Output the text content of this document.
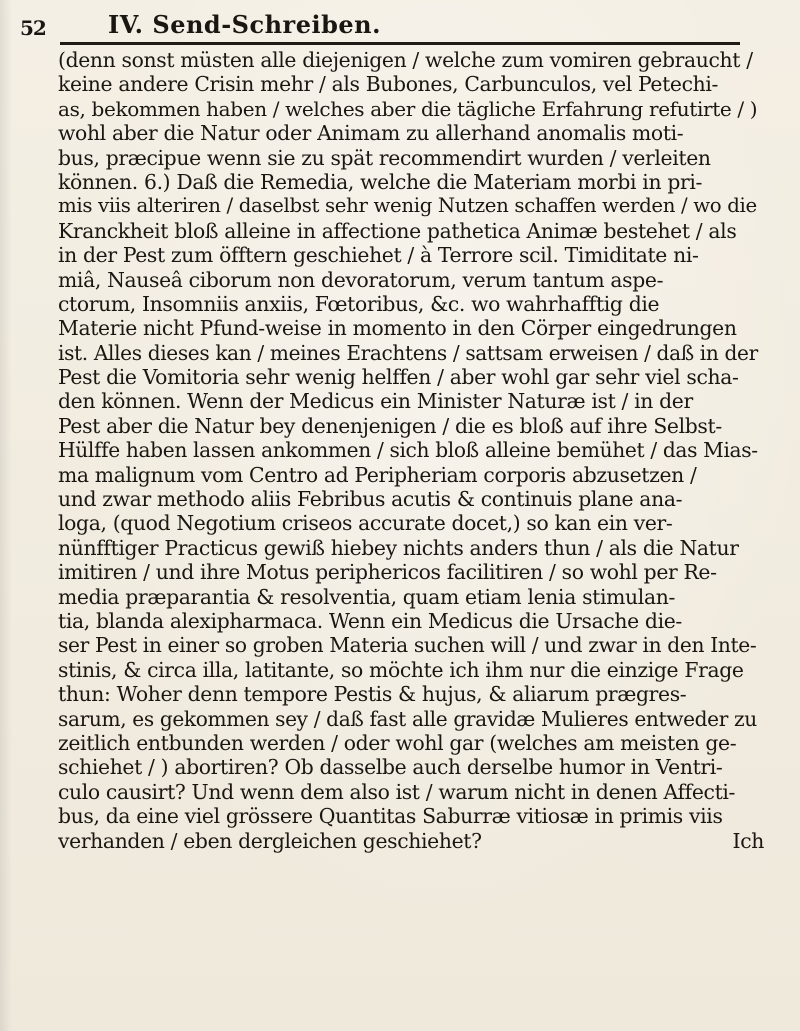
52	IV. Send-Schreiben.
(denn sonst müsten alle diejenigen / welche zum vomiren gebraucht /
keine andere Crisin mehr / als Bubones, Carbunculos, vel Petechi-
as, bekommen haben / welches aber die tägliche Erfahrung refutirte / )
wohl aber die Natur oder Animam zu allerhand anomalis moti-
bus, præcipue wenn sie zu spät recommendirt wurden / verleiten
können. 6.) Daß die Remedia, welche die Materiam morbi in pri-
mis viis alteriren / daselbst sehr wenig Nutzen schaffen werden / wo die
Kranckheit bloß alleine in affectione pathetica Animæ bestehet / als
in der Pest zum öfftern geschiehet / à Terrore scil. Timiditate ni-
miâ, Nauseâ ciborum non devoratorum, verum tantum aspe-
ctorum, Insomniis anxiis, Fœtoribus, &c. wo wahrhafftig die
Materie nicht Pfund-weise in momento in den Cörper eingedrungen
ist. Alles dieses kan / meines Erachtens / sattsam erweisen / daß in der
Pest die Vomitoria sehr wenig helffen / aber wohl gar sehr viel scha-
den können. Wenn der Medicus ein Minister Naturæ ist / in der
Pest aber die Natur bey denenjenigen / die es bloß auf ihre Selbst-
Hülffe haben lassen ankommen / sich bloß alleine bemühet / das Mias-
ma malignum vom Centro ad Peripheriam corporis abzusetzen /
und zwar methodo aliis Febribus acutis & continuis plane ana-
loga, (quod Negotium criseos accurate docet,) so kan ein ver-
nünfftiger Practicus gewiß hiebey nichts anders thun / als die Natur
imitiren / und ihre Motus periphericos facilitiren / so wohl per Re-
media præparantia & resolventia, quam etiam lenia stimulan-
tia, blanda alexipharmaca. Wenn ein Medicus die Ursache die-
ser Pest in einer so groben Materia suchen will / und zwar in den Inte-
stinis, & circa illa, latitante, so möchte ich ihm nur die einzige Frage
thun: Woher denn tempore Pestis & hujus, & aliarum prægres-
sarum, es gekommen sey / daß fast alle gravidæ Mulieres entweder zu
zeitlich entbunden werden / oder wohl gar (welches am meisten ge-
schiehet / ) abortiren? Ob dasselbe auch derselbe humor in Ventri-
culo causirt? Und wenn dem also ist / warum nicht in denen Affecti-
bus, da eine viel grössere Quantitas Saburræ vitiosæ in primis viis
verhanden / eben dergleichen geschiehet?	Ich
